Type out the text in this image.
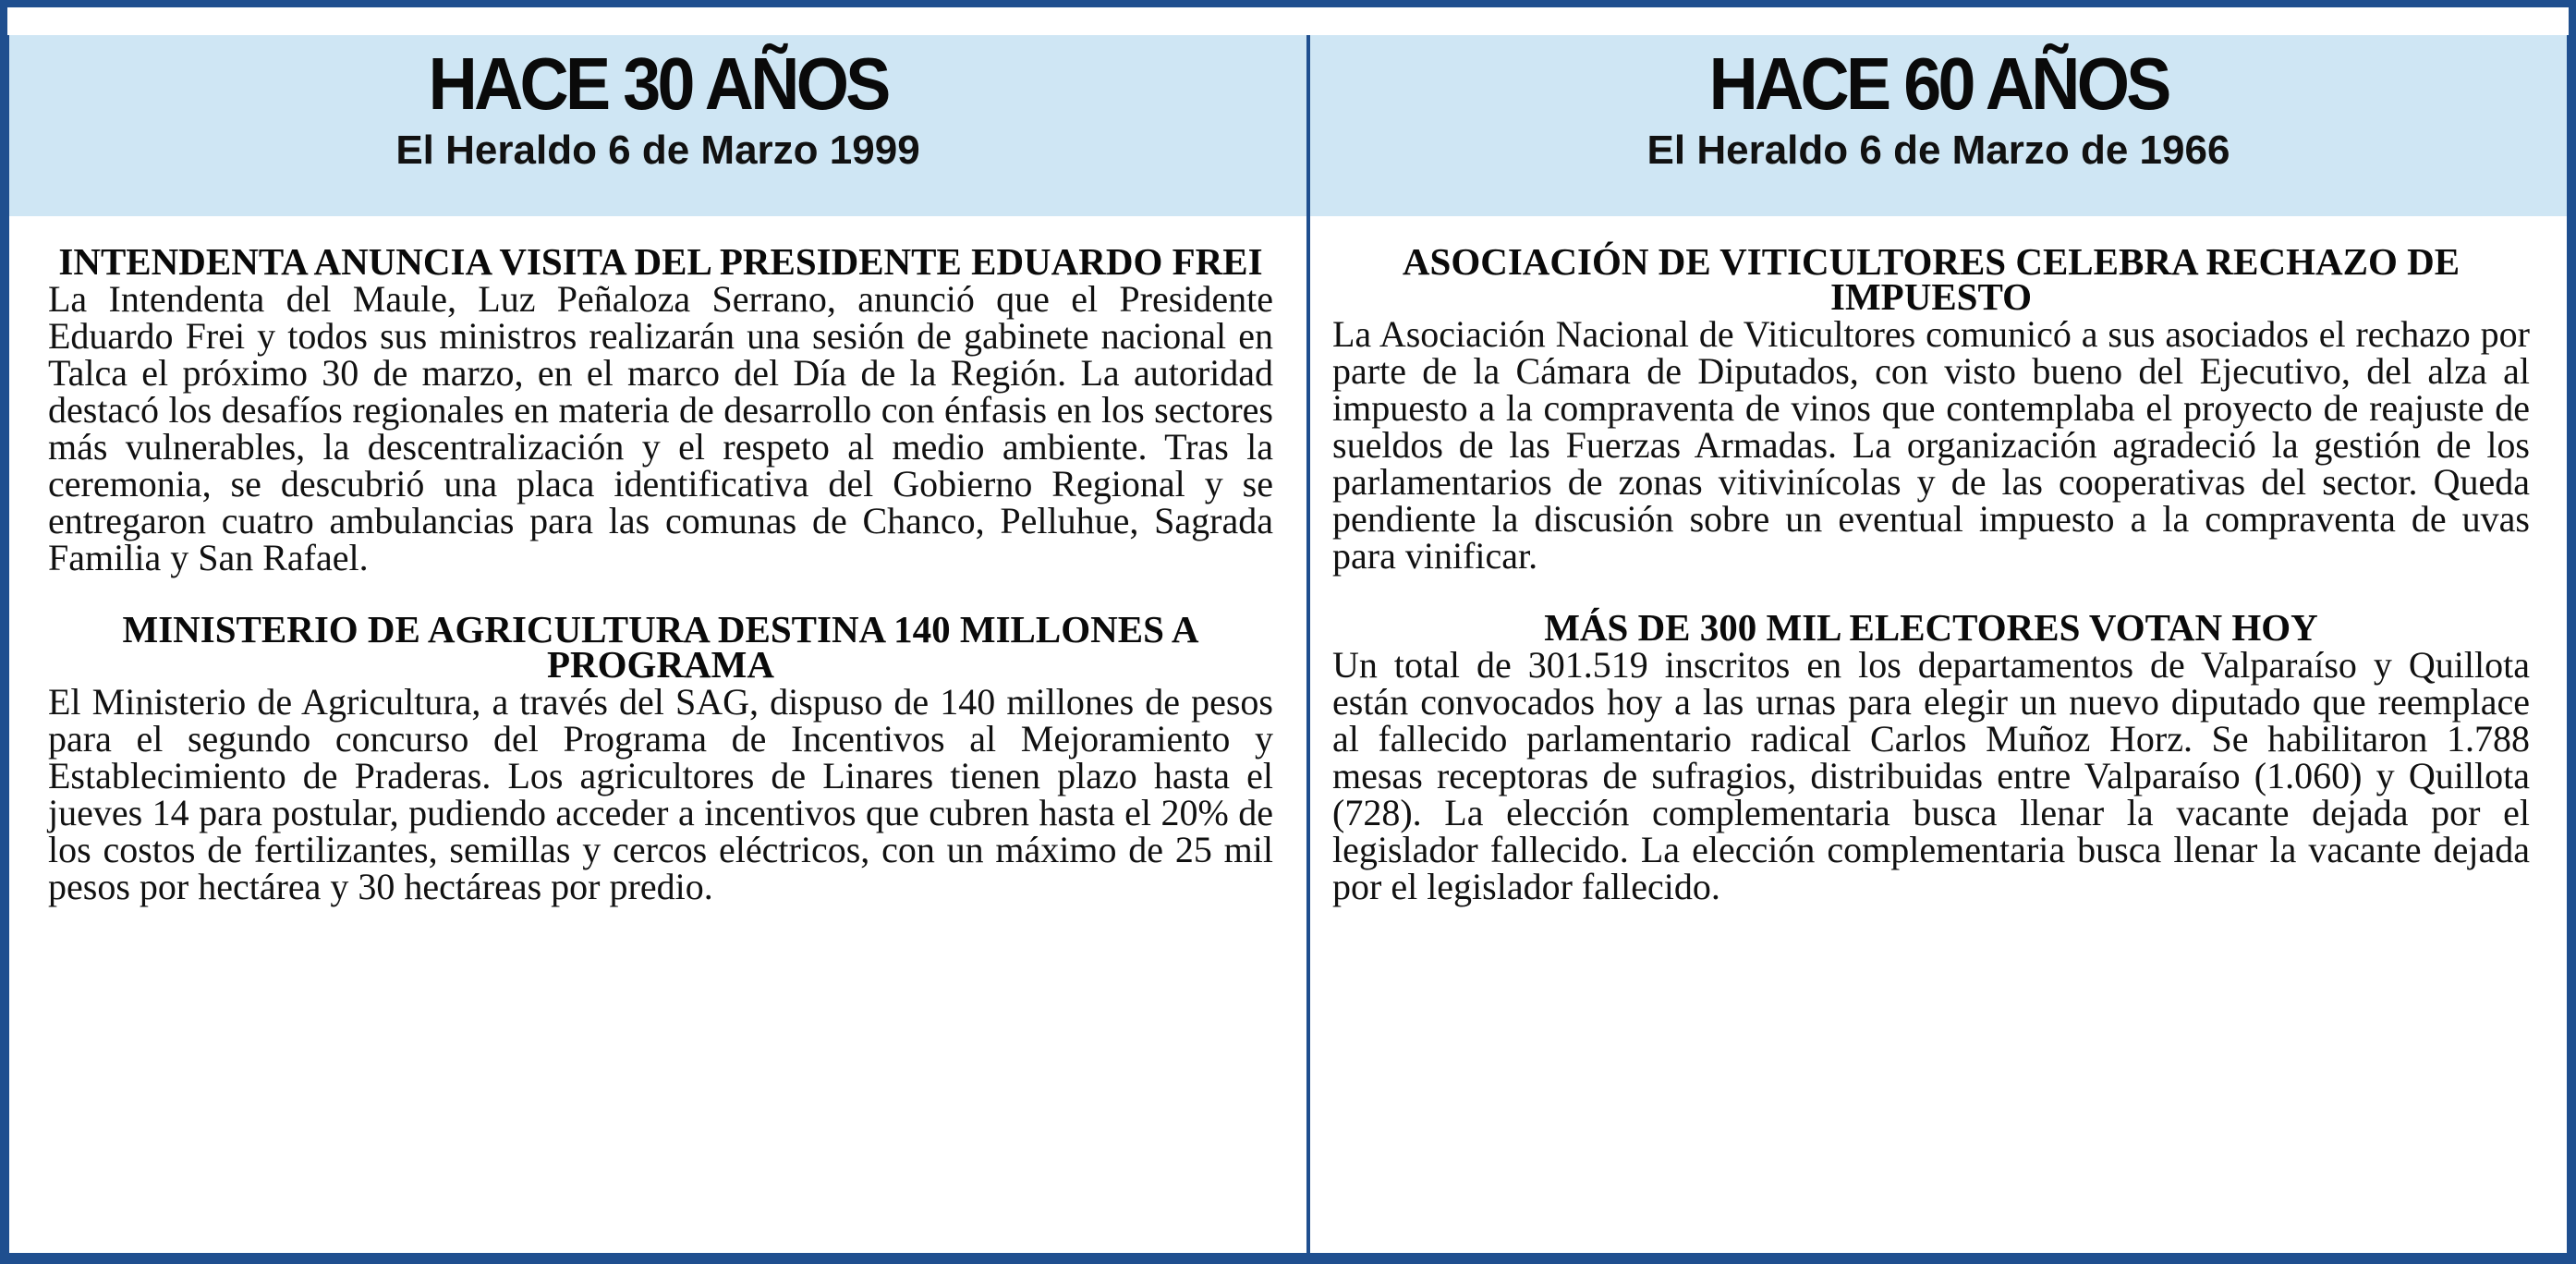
HACE 30 AÑOS
El Heraldo 6 de Marzo 1999
INTENDENTA ANUNCIA VISITA DEL PRESIDENTE EDUARDO FREI

La Intendenta del Maule, Luz Peñaloza Serrano, anunció que el Presidente Eduardo Frei y todos sus ministros realizarán una sesión de gabinete nacional en Talca el próximo 30 de marzo, en el marco del Día de la Región. La autoridad destacó los desafíos regionales en materia de desarrollo con énfasis en los sectores más vulnerables, la descentralización y el respeto al medio ambiente. Tras la ceremonia, se descubrió una placa identificativa del Gobierno Regional y se entregaron cuatro ambulancias para las comunas de Chanco, Pelluhue, Sagrada Familia y San Rafael.

MINISTERIO DE AGRICULTURA DESTINA 140 MILLONES A PROGRAMA

El Ministerio de Agricultura, a través del SAG, dispuso de 140 millones de pesos para el segundo concurso del Programa de Incentivos al Mejoramiento y Establecimiento de Praderas. Los agricultores de Linares tienen plazo hasta el jueves 14 para postular, pudiendo acceder a incentivos que cubren hasta el 20% de los costos de fertilizantes, semillas y cercos eléctricos, con un máximo de 25 mil pesos por hectárea y 30 hectáreas por predio.

HACE 60 AÑOS
El Heraldo 6 de Marzo de 1966
ASOCIACIÓN DE VITICULTORES CELEBRA RECHAZO DE IMPUESTO

La Asociación Nacional de Viticultores comunicó a sus asociados el rechazo por parte de la Cámara de Diputados, con visto bueno del Ejecutivo, del alza al impuesto a la compraventa de vinos que contemplaba el proyecto de reajuste de sueldos de las Fuerzas Armadas. La organización agradeció la gestión de los parlamentarios de zonas vitivinícolas y de las cooperativas del sector. Queda pendiente la discusión sobre un eventual impuesto a la compraventa de uvas para vinificar.

MÁS DE 300 MIL ELECTORES VOTAN HOY

Un total de 301.519 inscritos en los departamentos de Valparaíso y Quillota están convocados hoy a las urnas para elegir un nuevo diputado que reemplace al fallecido parlamentario radical Carlos Muñoz Horz. Se habilitaron 1.788 mesas receptoras de sufragios, distribuidas entre Valparaíso (1.060) y Quillota (728). La elección complementaria busca llenar la vacante dejada por el legislador fallecido. La elección complementaria busca llenar la vacante dejada por el legislador fallecido.
